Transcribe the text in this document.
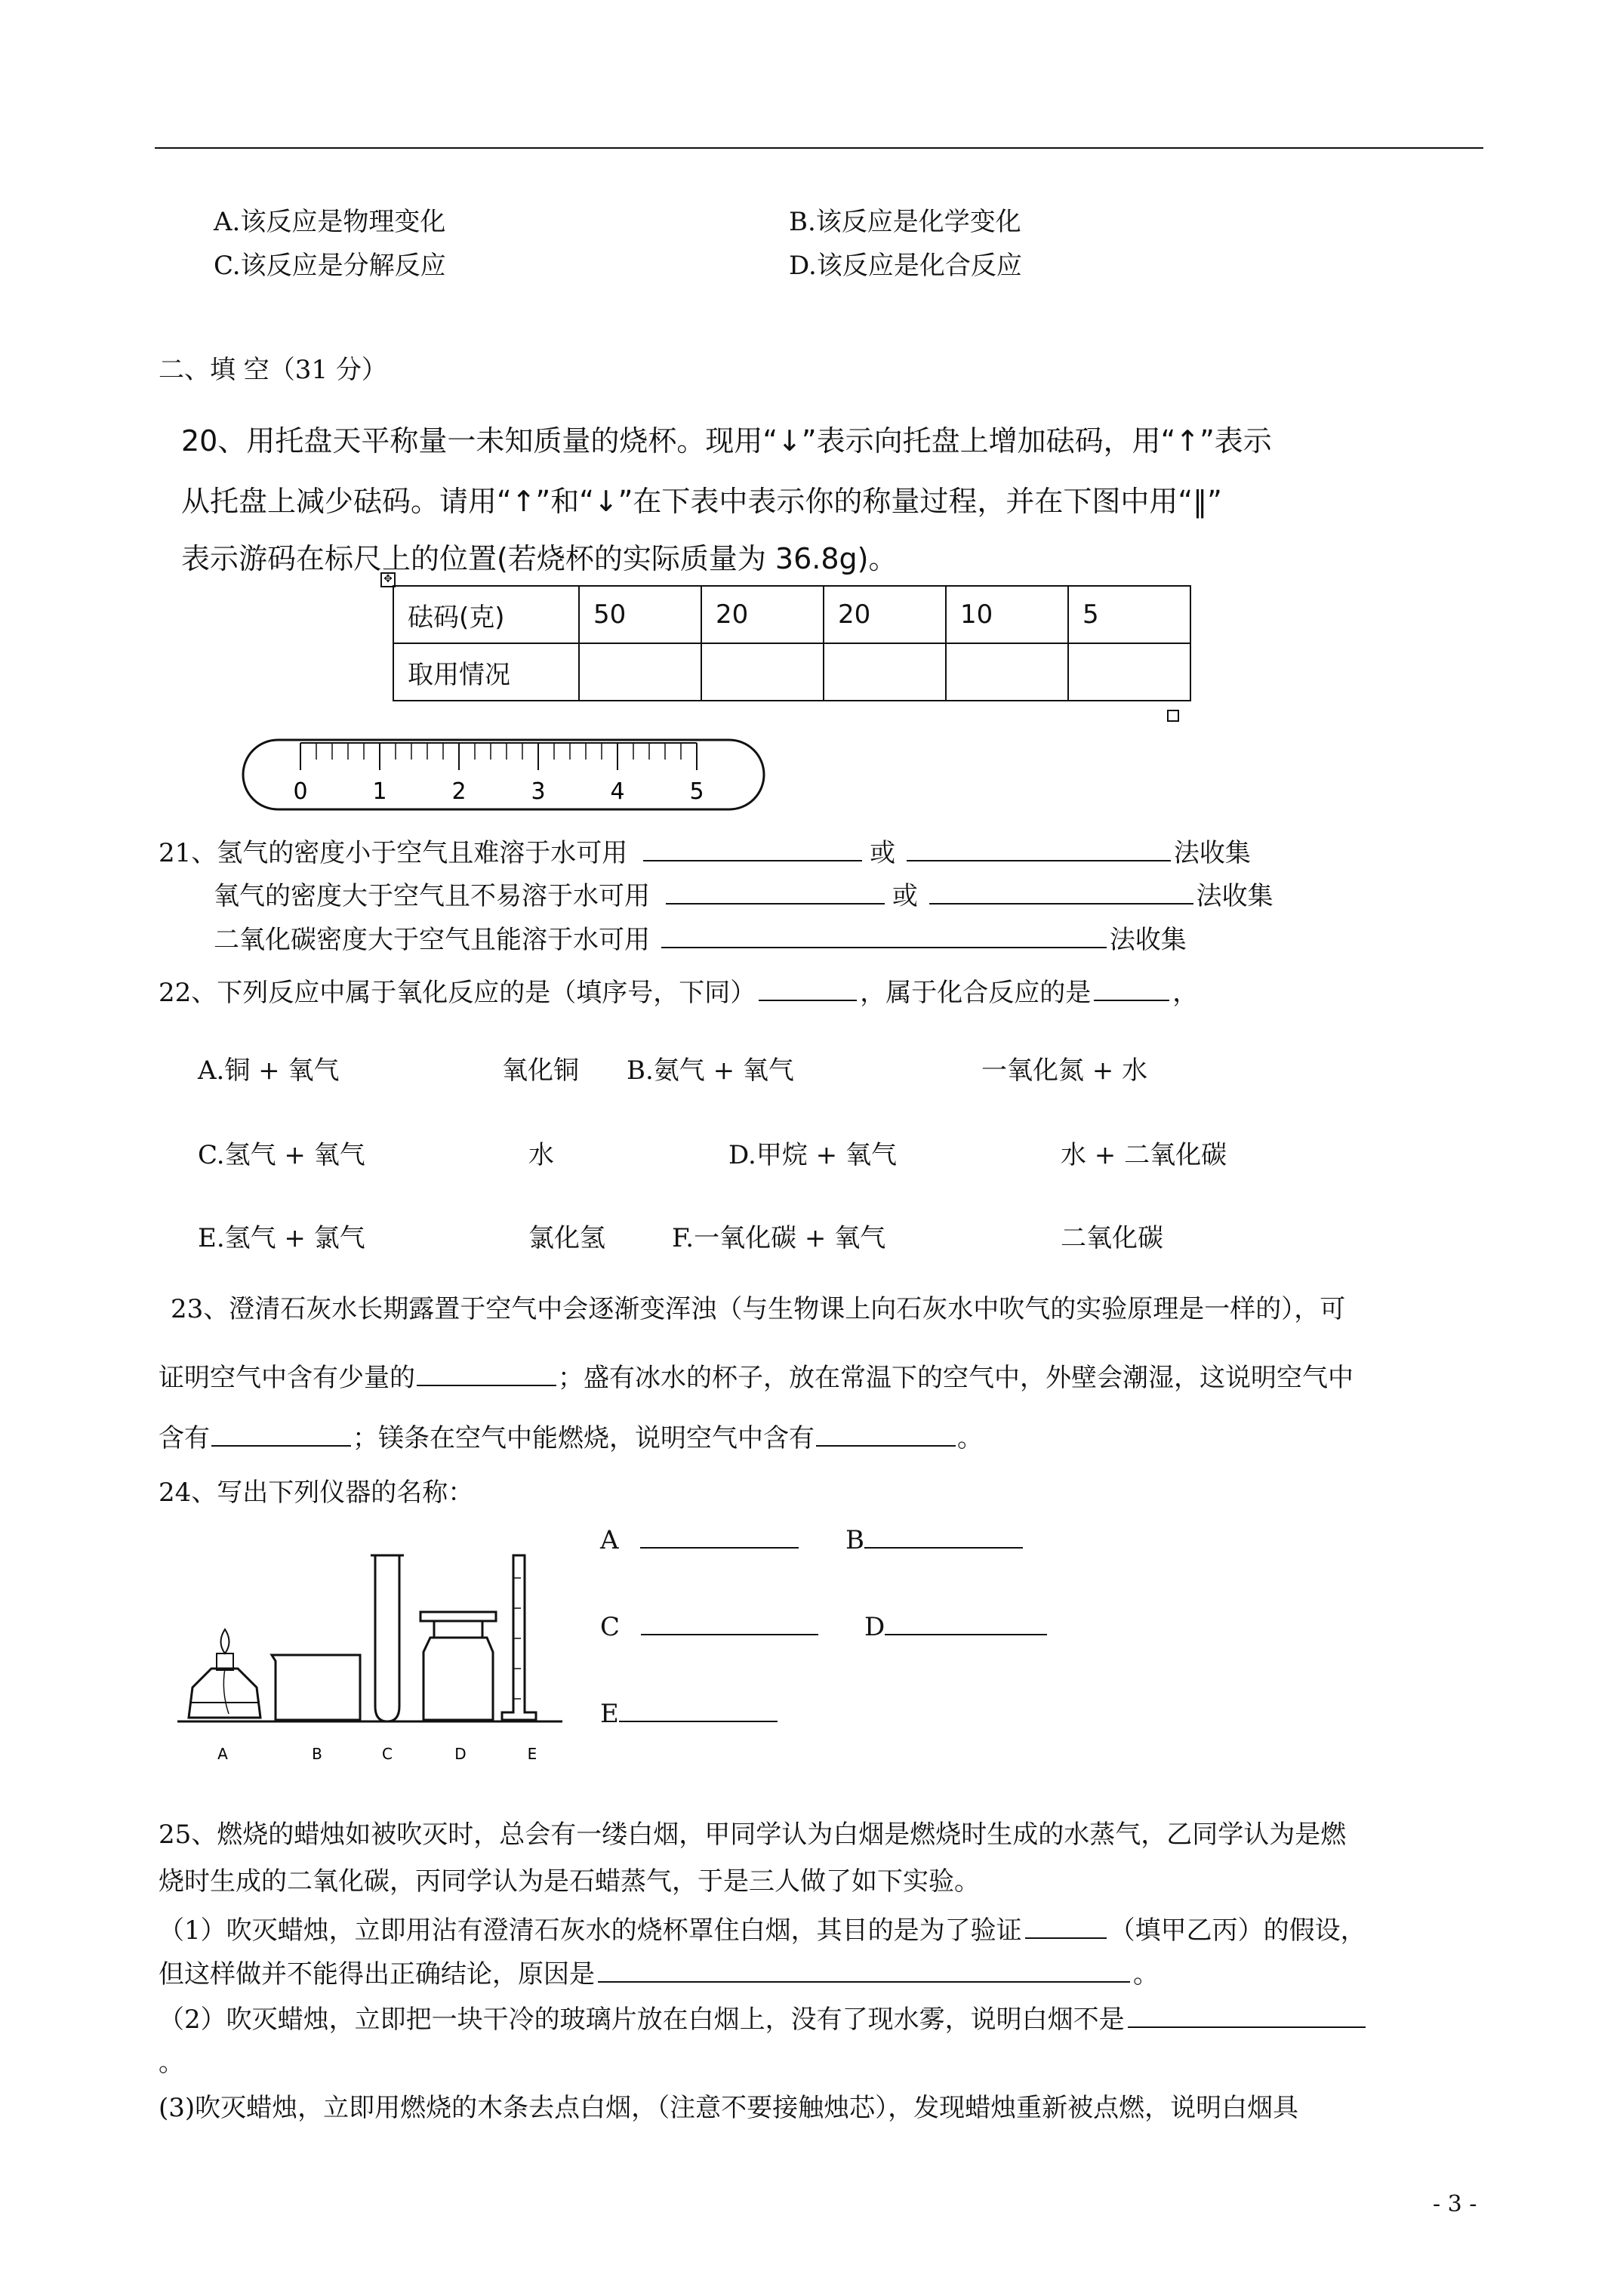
A.该反应是物理变化	B.该反应是化学变化
C.该反应是分解反应	D.该反应是化合反应
二、填 空（31 分）
20、用托盘天平称量一未知质量的烧杯。现用“↓”表示向托盘上增加砝码，用“↑”表示
从托盘上减少砝码。请用“↑”和“↓”在下表中表示你的称量过程，并在下图中用“‖”
表示游码在标尺上的位置(若烧杯的实际质量为 36.8g)。
✥
砝码(克)	50	20	20	10	5
取用情况					
0	1	2	3	4	5
21、氢气的密度小于空气且难溶于水可用	或	法收集
氧气的密度大于空气且不易溶于水可用	或	法收集
二氧化碳密度大于空气且能溶于水可用	法收集
22、下列反应中属于氧化反应的是（填序号，下同）	，属于化合反应的是	，
A.铜 + 氧气	氧化铜 B.氨气 + 氧气	一氧化氮 + 水
C.氢气 + 氧气	水	D.甲烷 + 氧气	水 + 二氧化碳
E.氢气 + 氯气	氯化氢	F.一氧化碳 + 氧气	二氧化碳
23、澄清石灰水长期露置于空气中会逐渐变浑浊（与生物课上向石灰水中吹气的实验原理是一样的），可
证明空气中含有少量的	；盛有冰水的杯子，放在常温下的空气中，外壁会潮湿，这说明空气中
含有	；镁条在空气中能燃烧，说明空气中含有	。
24、写出下列仪器的名称：
A	B	C	D	E
A	B
C	D
E
25、燃烧的蜡烛如被吹灭时，总会有一缕白烟，甲同学认为白烟是燃烧时生成的水蒸气，乙同学认为是燃
烧时生成的二氧化碳，丙同学认为是石蜡蒸气，于是三人做了如下实验。
（1）吹灭蜡烛，立即用沾有澄清石灰水的烧杯罩住白烟，其目的是为了验证	（填甲乙丙）的假设，
但这样做并不能得出正确结论，原因是	。
（2）吹灭蜡烛，立即把一块干冷的玻璃片放在白烟上，没有了现水雾，说明白烟不是
。
(3)吹灭蜡烛，立即用燃烧的木条去点白烟，（注意不要接触烛芯），发现蜡烛重新被点燃，说明白烟具
- 3 -
